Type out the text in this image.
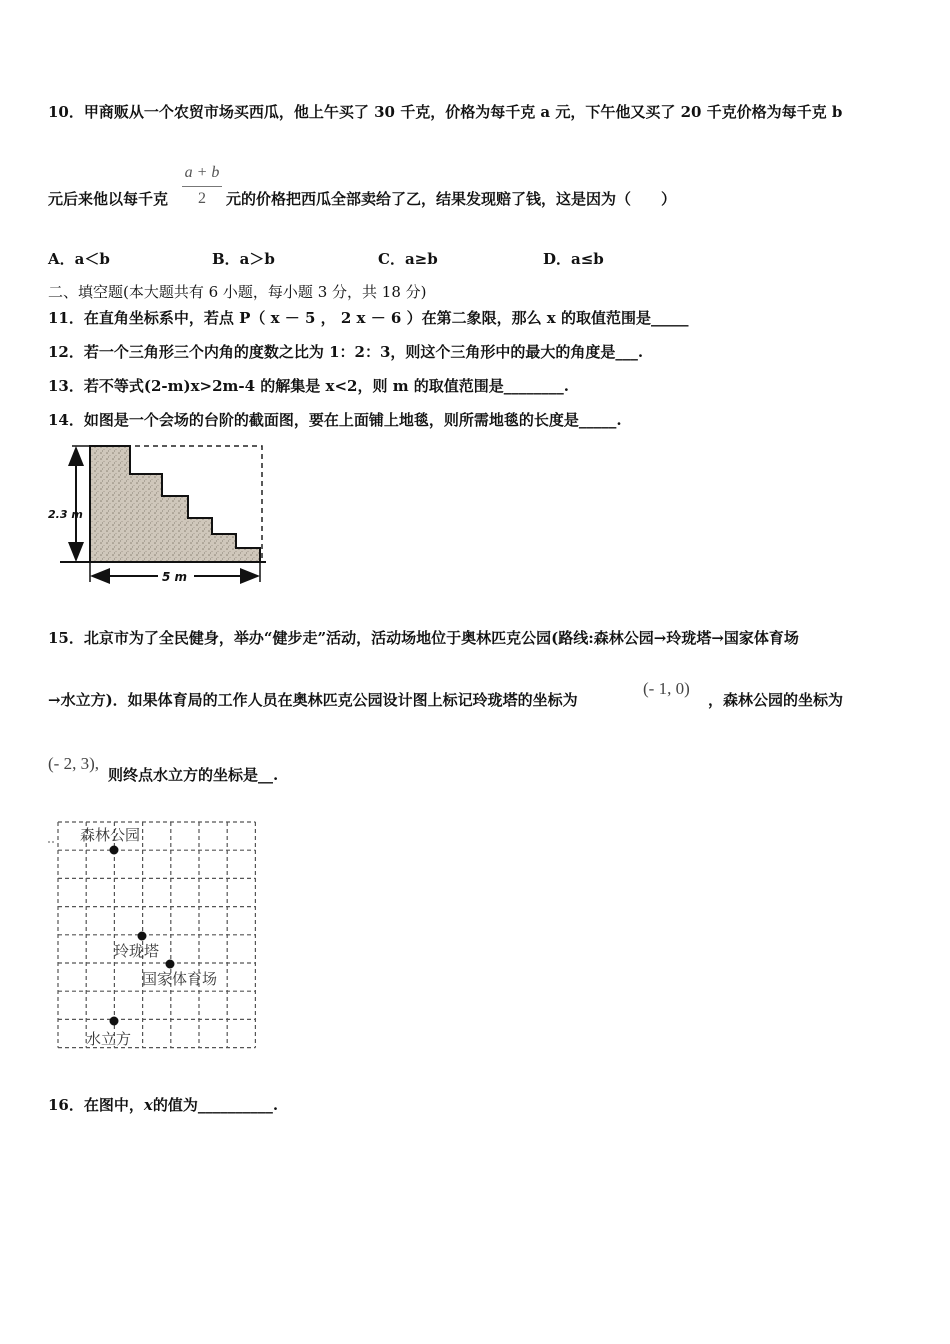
10．甲商贩从一个农贸市场买西瓜，他上午买了 30 千克，价格为每千克 a 元，下午他又买了 20 千克价格为每千克 b
元后来他以每千克
a + b
2	元的价格把西瓜全部卖给了乙，结果发现赔了钱，这是因为（　　）
A．a＜b	B．a＞b	C．a≥b	D．a≤b
二、填空题(本大题共有 6 小题，每小题 3 分，共 18 分)
11．在直角坐标系中，若点 P（ x － 5 ， 2 x － 6 ）在第二象限，那么 x 的取值范围是_____
12．若一个三角形三个内角的度数之比为 1：2：3，则这个三角形中的最大的角度是___.
13．若不等式(2-m)x>2m-4 的解集是 x<2，则 m 的取值范围是________.
14．如图是一个会场的台阶的截面图，要在上面铺上地毯，则所需地毯的长度是_____.
2.3 m
5 m
15．北京市为了全民健身，举办“健步走”活动，活动场地位于奥林匹克公园(路线:森林公园→玲珑塔→国家体育场
→水立方)．如果体育局的工作人员在奥林匹克公园设计图上标记玲珑塔的坐标为
(- 1, 0)
，森林公园的坐标为
(- 2, 3),
则终点水立方的坐标是__.
森林公园
玲珑塔
国家体育场
水立方
16．在图中，x的值为__________.
